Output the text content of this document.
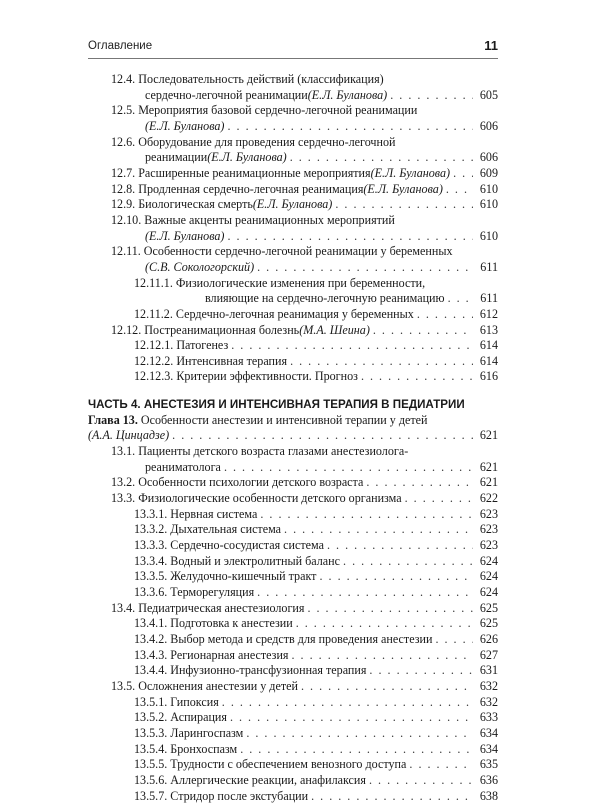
Оглавление	11
12.4. Последовательность действий (классификация)
сердечно-легочной реанимации (Е.Л. Буланова) . . .	605
12.5. Мероприятия базовой сердечно-легочной реанимации
(Е.Л. Буланова) . . .	606
12.6. Оборудование для проведения сердечно-легочной
реанимации (Е.Л. Буланова) . . .	606
12.7. Расширенные реанимационные мероприятия (Е.Л. Буланова) . . .	609
12.8. Продленная сердечно-легочная реанимация (Е.Л. Буланова) . . .	610
12.9. Биологическая смерть (Е.Л. Буланова) . . .	610
12.10. Важные акценты реанимационных мероприятий
(Е.Л. Буланова) . . .	610
12.11. Особенности сердечно-легочной реанимации у беременных
(С.В. Сокологорский) . . .	611
12.11.1. Физиологические изменения при беременности,
влияющие на сердечно-легочную реанимацию . . .	611
12.11.2. Сердечно-легочная реанимация у беременных . . .	612
12.12. Постреанимационная болезнь (М.А. Шеина) . . .	613
12.12.1. Патогенез . . .	614
12.12.2. Интенсивная терапия . . .	614
12.12.3. Критерии эффективности. Прогноз . . .	616
ЧАСТЬ 4. АНЕСТЕЗИЯ И ИНТЕНСИВНАЯ ТЕРАПИЯ В ПЕДИАТРИИ
Глава 13. Особенности анестезии и интенсивной терапии у детей
(А.А. Цинцадзе) . . .	621
13.1. Пациенты детского возраста глазами анестезиолога-
реаниматолога . . .	621
13.2. Особенности психологии детского возраста . . .	621
13.3. Физиологические особенности детского организма . . .	622
13.3.1. Нервная система . . .	623
13.3.2. Дыхательная система . . .	623
13.3.3. Сердечно-сосудистая система . . .	623
13.3.4. Водный и электролитный баланс . . .	624
13.3.5. Желудочно-кишечный тракт . . .	624
13.3.6. Терморегуляция . . .	624
13.4. Педиатрическая анестезиология . . .	625
13.4.1. Подготовка к анестезии . . .	625
13.4.2. Выбор метода и средств для проведения анестезии . . .	626
13.4.3. Регионарная анестезия . . .	627
13.4.4. Инфузионно-трансфузионная терапия . . .	631
13.5. Осложнения анестезии у детей . . .	632
13.5.1. Гипоксия . . .	632
13.5.2. Аспирация . . .	633
13.5.3. Ларингоспазм . . .	634
13.5.4. Бронхоспазм . . .	634
13.5.5. Трудности с обеспечением венозного доступа . . .	635
13.5.6. Аллергические реакции, анафилаксия . . .	636
13.5.7. Стридор после экстубации . . .	638
